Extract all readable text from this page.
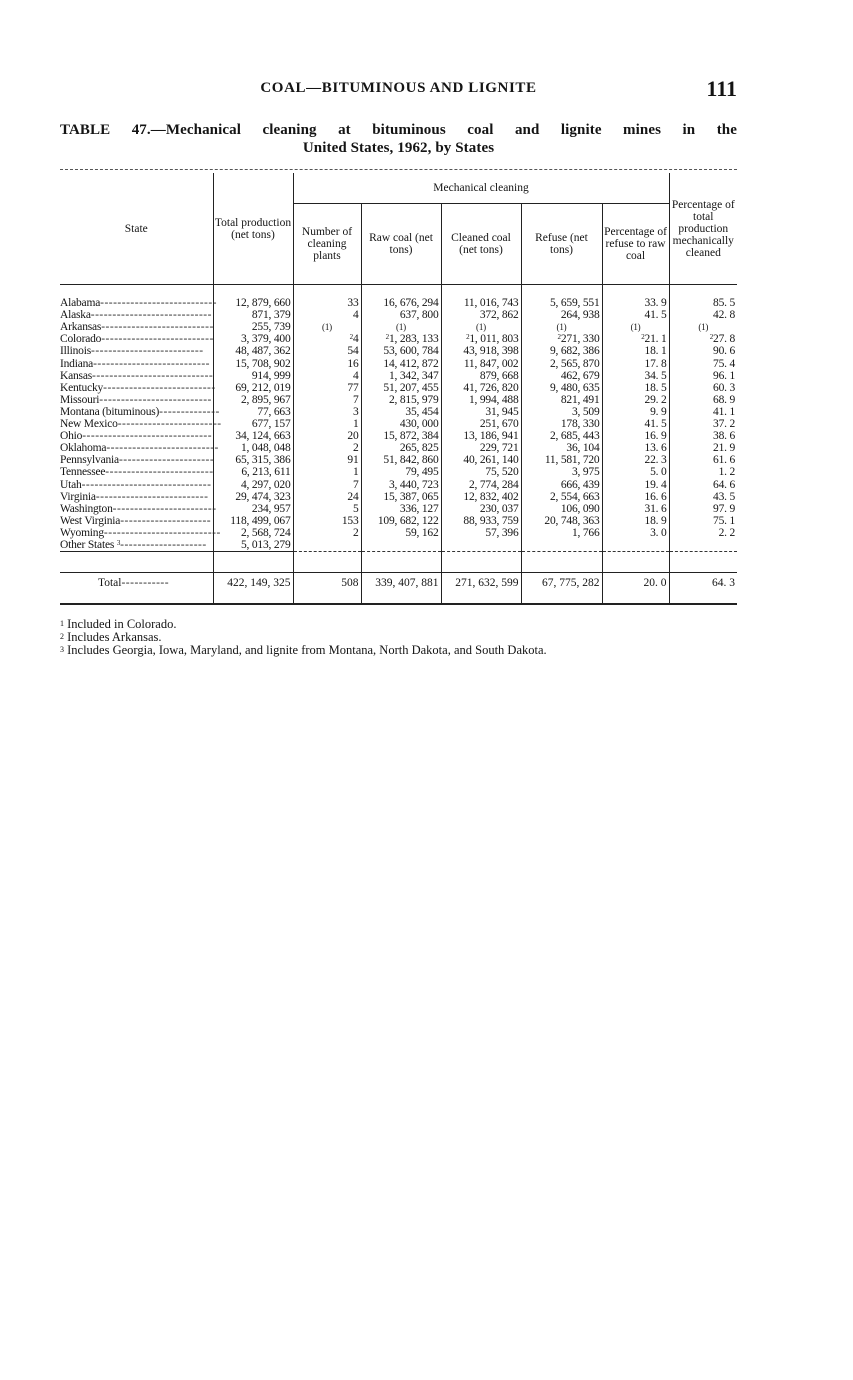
COAL—BITUMINOUS AND LIGNITE	111
TABLE 47.—Mechanical cleaning at bituminous coal and lignite mines in the
United States, 1962, by States
State	Total production (net tons)	Mechanical cleaning					Percentage of total production mechanically cleaned
		Number of cleaning plants	Raw coal (net tons)	Cleaned coal (net tons)	Refuse (net tons)	Percentage of refuse to raw coal	

Alabama---------------------------	12, 879, 660	33	16, 676, 294	11, 016, 743	5, 659, 551	33. 9	85. 5
Alaska----------------------------	871, 379	4	637, 800	372, 862	264, 938	41. 5	42. 8
Arkansas--------------------------	255, 739	(1)	(1)	(1)	(1)	(1)	(1)
Colorado--------------------------	3, 379, 400	$^2$4	$^2$1, 283, 133	$^2$1, 011, 803	$^2$271, 330	$^2$21. 1	$^2$27. 8
Illinois--------------------------	48, 487, 362	54	53, 600, 784	43, 918, 398	9, 682, 386	18. 1	90. 6
Indiana---------------------------	15, 708, 902	16	14, 412, 872	11, 847, 002	2, 565, 870	17. 8	75. 4
Kansas----------------------------	914, 999	4	1, 342, 347	879, 668	462, 679	34. 5	96. 1
Kentucky--------------------------	69, 212, 019	77	51, 207, 455	41, 726, 820	9, 480, 635	18. 5	60. 3
Missouri--------------------------	2, 895, 967	7	2, 815, 979	1, 994, 488	821, 491	29. 2	68. 9
Montana (bituminous)--------------	77, 663	3	35, 454	31, 945	3, 509	9. 9	41. 1
New Mexico------------------------	677, 157	1	430, 000	251, 670	178, 330	41. 5	37. 2
Ohio------------------------------	34, 124, 663	20	15, 872, 384	13, 186, 941	2, 685, 443	16. 9	38. 6
Oklahoma--------------------------	1, 048, 048	2	265, 825	229, 721	36, 104	13. 6	21. 9
Pennsylvania----------------------	65, 315, 386	91	51, 842, 860	40, 261, 140	11, 581, 720	22. 3	61. 6
Tennessee-------------------------	6, 213, 611	1	79, 495	75, 520	3, 975	5. 0	1. 2
Utah------------------------------	4, 297, 020	7	3, 440, 723	2, 774, 284	666, 439	19. 4	64. 6
Virginia--------------------------	29, 474, 323	24	15, 387, 065	12, 832, 402	2, 554, 663	16. 6	43. 5
Washington------------------------	234, 957	5	336, 127	230, 037	106, 090	31. 6	97. 9
West Virginia---------------------	118, 499, 067	153	109, 682, 122	88, 933, 759	20, 748, 363	18. 9	75. 1
Wyoming---------------------------	2, 568, 724	2	59, 162	57, 396	1, 766	3. 0	2. 2
Other States $^3$--------------------	5, 013, 279						

Total-----------	422, 149, 325	508	339, 407, 881	271, 632, 599	67, 775, 282	20. 0	64. 3

$^1$ Included in Colorado.
$^2$ Includes Arkansas.
$^3$ Includes Georgia, Iowa, Maryland, and lignite from Montana, North Dakota, and South Dakota.
